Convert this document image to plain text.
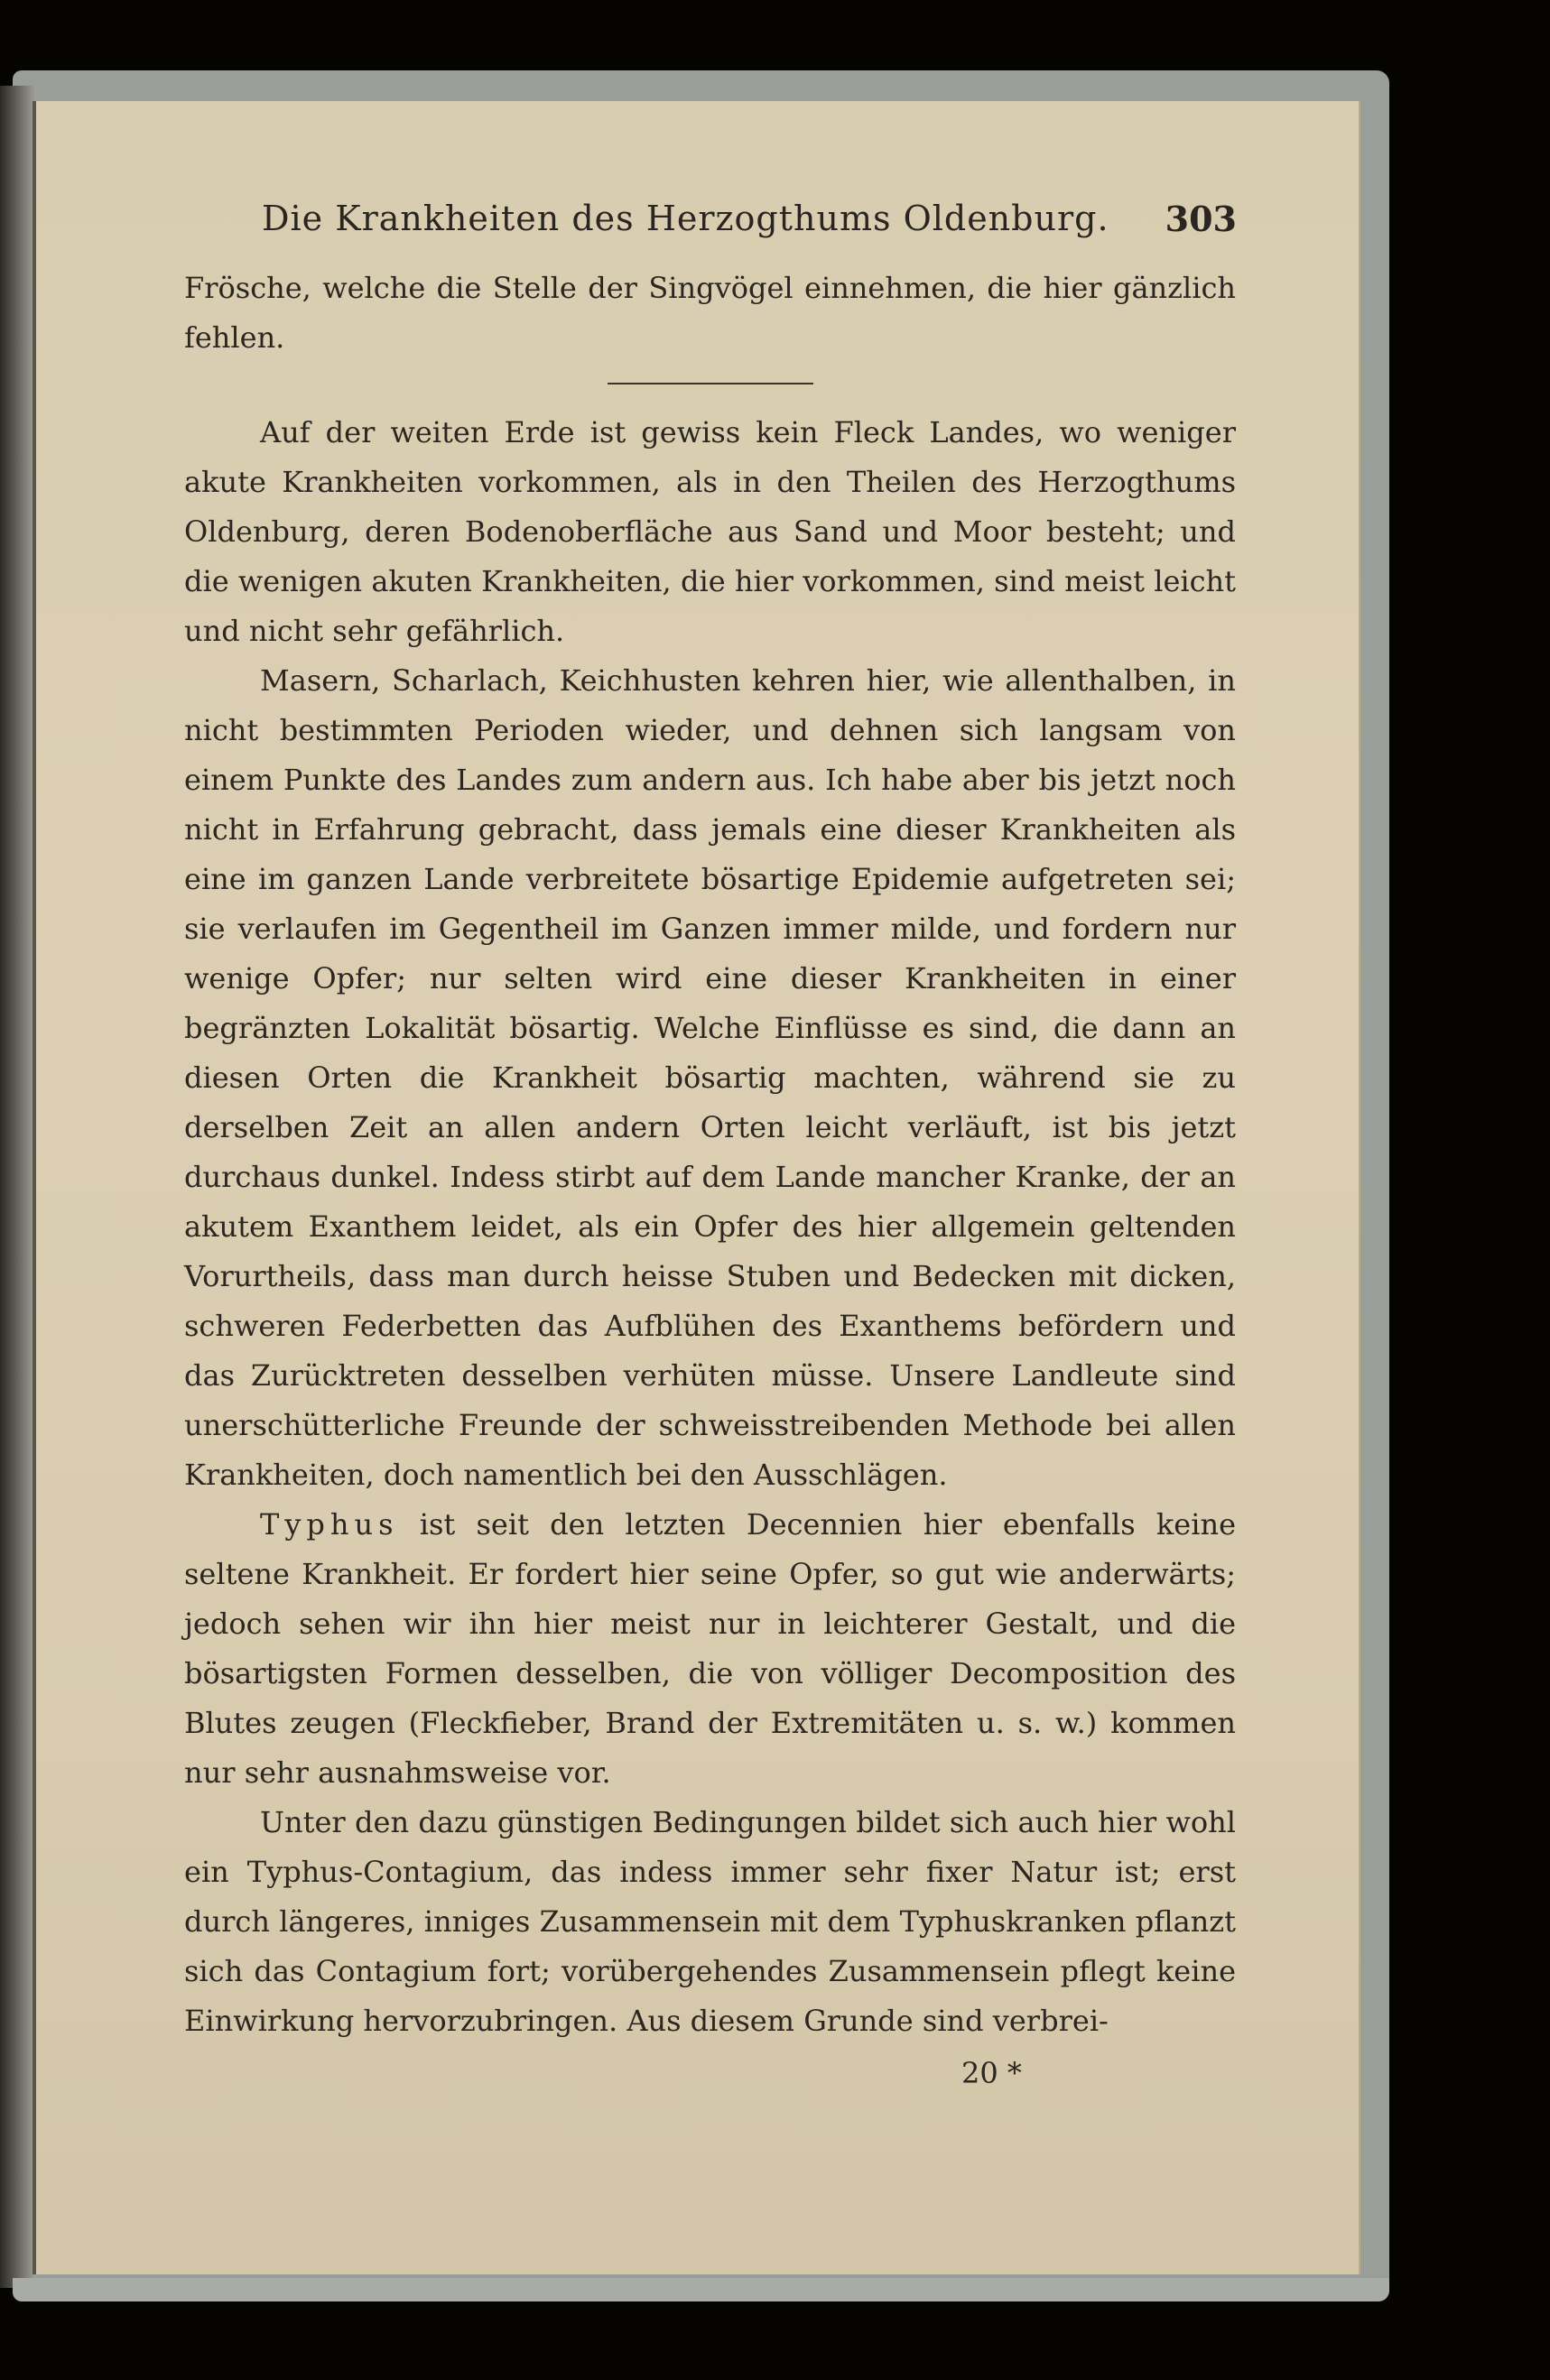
Die Krankheiten des Herzogthums Oldenburg. 303

Frösche, welche die Stelle der Singvögel einnehmen, die hier gänzlich fehlen.

Auf der weiten Erde ist gewiss kein Fleck Landes, wo weniger akute Krankheiten vorkommen, als in den Theilen des Herzogthums Oldenburg, deren Bodenoberfläche aus Sand und Moor besteht; und die wenigen akuten Krankheiten, die hier vorkommen, sind meist leicht und nicht sehr gefährlich.

Masern, Scharlach, Keichhusten kehren hier, wie allenthalben, in nicht bestimmten Perioden wieder, und dehnen sich langsam von einem Punkte des Landes zum andern aus. Ich habe aber bis jetzt noch nicht in Erfahrung gebracht, dass jemals eine dieser Krankheiten als eine im ganzen Lande verbreitete bösartige Epidemie aufgetreten sei; sie verlaufen im Gegentheil im Ganzen immer milde, und fordern nur wenige Opfer; nur selten wird eine dieser Krankheiten in einer begränzten Lokalität bösartig. Welche Einflüsse es sind, die dann an diesen Orten die Krankheit bösartig machten, während sie zu derselben Zeit an allen andern Orten leicht verläuft, ist bis jetzt durchaus dunkel. Indess stirbt auf dem Lande mancher Kranke, der an akutem Exanthem leidet, als ein Opfer des hier allgemein geltenden Vorurtheils, dass man durch heisse Stuben und Bedecken mit dicken, schweren Federbetten das Aufblühen des Exanthems befördern und das Zurücktreten desselben verhüten müsse. Unsere Landleute sind unerschütterliche Freunde der schweisstreibenden Methode bei allen Krankheiten, doch namentlich bei den Ausschlägen.

Typhus ist seit den letzten Decennien hier ebenfalls keine seltene Krankheit. Er fordert hier seine Opfer, so gut wie anderwärts; jedoch sehen wir ihn hier meist nur in leichterer Gestalt, und die bösartigsten Formen desselben, die von völliger Decomposition des Blutes zeugen (Fleckfieber, Brand der Extremitäten u. s. w.) kommen nur sehr ausnahmsweise vor.

Unter den dazu günstigen Bedingungen bildet sich auch hier wohl ein Typhus-Contagium, das indess immer sehr fixer Natur ist; erst durch längeres, inniges Zusammensein mit dem Typhuskranken pflanzt sich das Contagium fort; vorübergehendes Zusammensein pflegt keine Einwirkung hervorzubringen. Aus diesem Grunde sind verbrei-

20 *
